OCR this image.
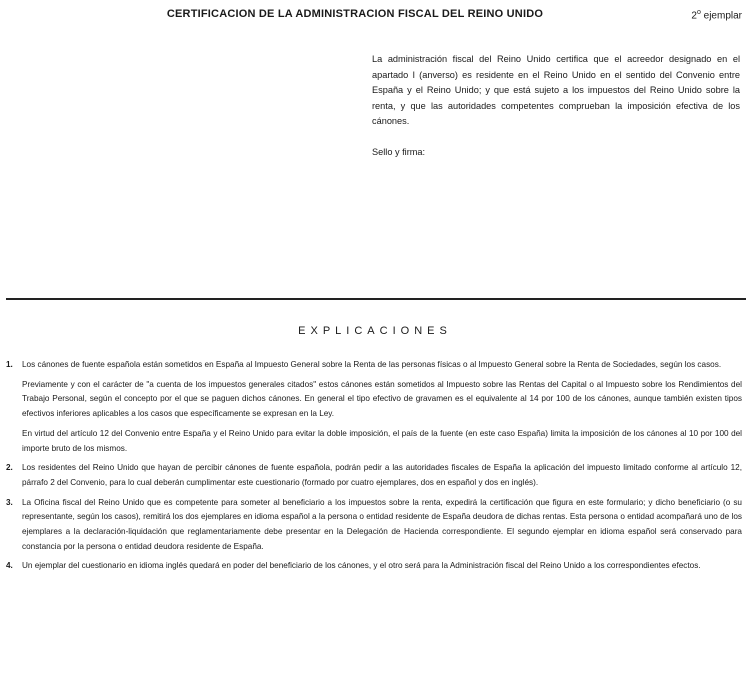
CERTIFICACION DE LA ADMINISTRACION FISCAL DEL REINO UNIDO	2$^o$ ejemplar
La administración fiscal del Reino Unido certifica que el acreedor designado en el apartado I (anverso) es residente en el Reino Unido en el sentido del Convenio entre España y el Reino Unido; y que está sujeto a los impuestos del Reino Unido sobre la renta, y que las autoridades competentes comprueban la imposición efectiva de los cánones.
Sello y firma:
EXPLICACIONES
1. Los cánones de fuente española están sometidos en España al Impuesto General sobre la Renta de las personas físicas o al Impuesto General sobre la Renta de Sociedades, según los casos.
Previamente y con el carácter de "a cuenta de los impuestos generales citados" estos cánones están sometidos al Impuesto sobre las Rentas del Capital o al Impuesto sobre los Rendimientos del Trabajo Personal, según el concepto por el que se paguen dichos cánones. En general el tipo efectivo de gravamen es el equivalente al 14 por 100 de los cánones, aunque también existen tipos efectivos inferiores aplicables a los casos que específicamente se expresan en la Ley.
En virtud del artículo 12 del Convenio entre España y el Reino Unido para evitar la doble imposición, el país de la fuente (en este caso España) limita la imposición de los cánones al 10 por 100 del importe bruto de los mismos.
2. Los residentes del Reino Unido que hayan de percibir cánones de fuente española, podrán pedir a las autoridades fiscales de España la aplicación del impuesto limitado conforme al artículo 12, párrafo 2 del Convenio, para lo cual deberán cumplimentar este cuestionario (formado por cuatro ejemplares, dos en español y dos en inglés).
3. La Oficina fiscal del Reino Unido que es competente para someter al beneficiario a los impuestos sobre la renta, expedirá la certificación que figura en este formulario; y dicho beneficiario (o su representante, según los casos), remitirá los dos ejemplares en idioma español a la persona o entidad residente de España deudora de dichas rentas. Esta persona o entidad acompañará uno de los ejemplares a la declaración-liquidación que reglamentariamente debe presentar en la Delegación de Hacienda correspondiente. El segundo ejemplar en idioma español será conservado para constancia por la persona o entidad deudora residente de España.
4. Un ejemplar del cuestionario en idioma inglés quedará en poder del beneficiario de los cánones, y el otro será para la Administración fiscal del Reino Unido a los correspondientes efectos.
